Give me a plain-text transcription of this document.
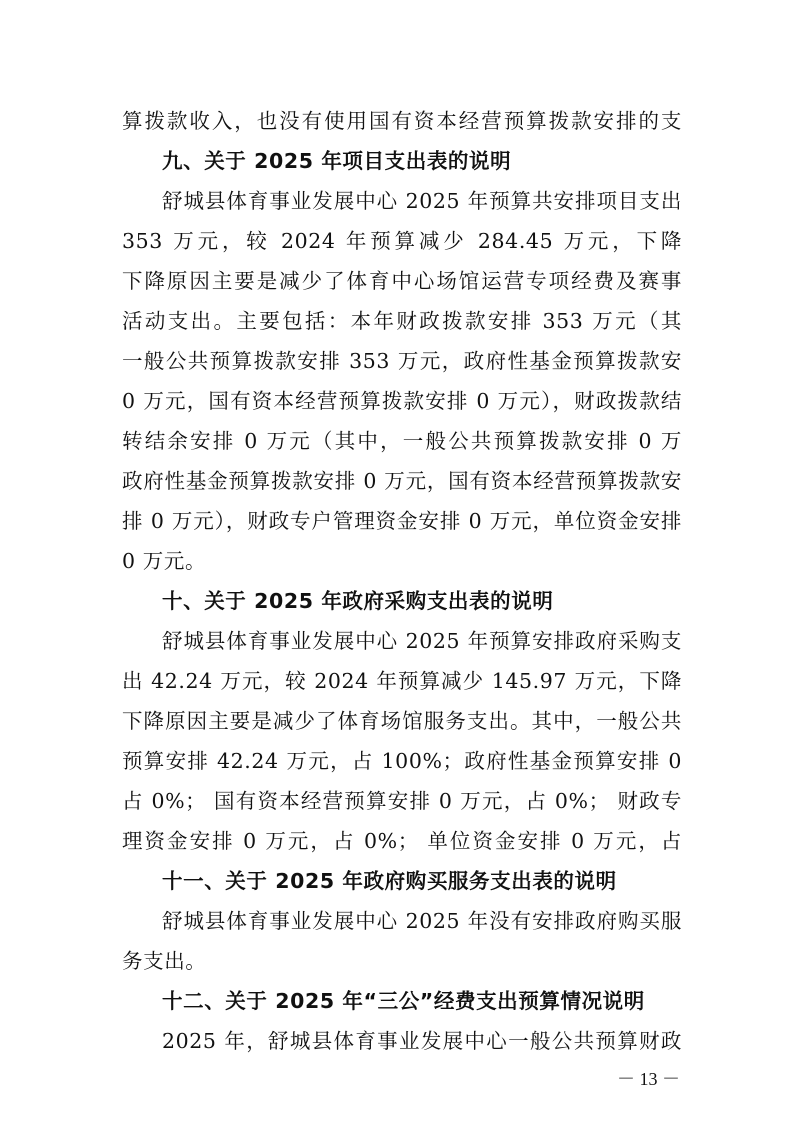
算拨款收入，也没有使用国有资本经营预算拨款安排的支
九、关于 2025 年项目支出表的说明
舒城县体育事业发展中心 2025 年预算共安排项目支出
353 万元，较 2024 年预算减少 284.45 万元，下降
下降原因主要是减少了体育中心场馆运营专项经费及赛事
活动支出。主要包括：本年财政拨款安排 353 万元（其
一般公共预算拨款安排 353 万元，政府性基金预算拨款安
0 万元，国有资本经营预算拨款安排 0 万元），财政拨款结
转结余安排 0 万元（其中，一般公共预算拨款安排 0 万
政府性基金预算拨款安排 0 万元，国有资本经营预算拨款安
排 0 万元），财政专户管理资金安排 0 万元，单位资金安排
0 万元。
十、关于 2025 年政府采购支出表的说明
舒城县体育事业发展中心 2025 年预算安排政府采购支
出 42.24 万元，较 2024 年预算减少 145.97 万元，下降
下降原因主要是减少了体育场馆服务支出。其中，一般公共
预算安排 42.24 万元，占 100%；政府性基金预算安排 0
占 0%； 国有资本经营预算安排 0 万元，占 0%； 财政专
理资金安排 0 万元，占 0%； 单位资金安排 0 万元，占
十一、关于 2025 年政府购买服务支出表的说明
舒城县体育事业发展中心 2025 年没有安排政府购买服
务支出。
十二、关于 2025 年“三公”经费支出预算情况说明
2025 年，舒城县体育事业发展中心一般公共预算财政
－ 13 －
